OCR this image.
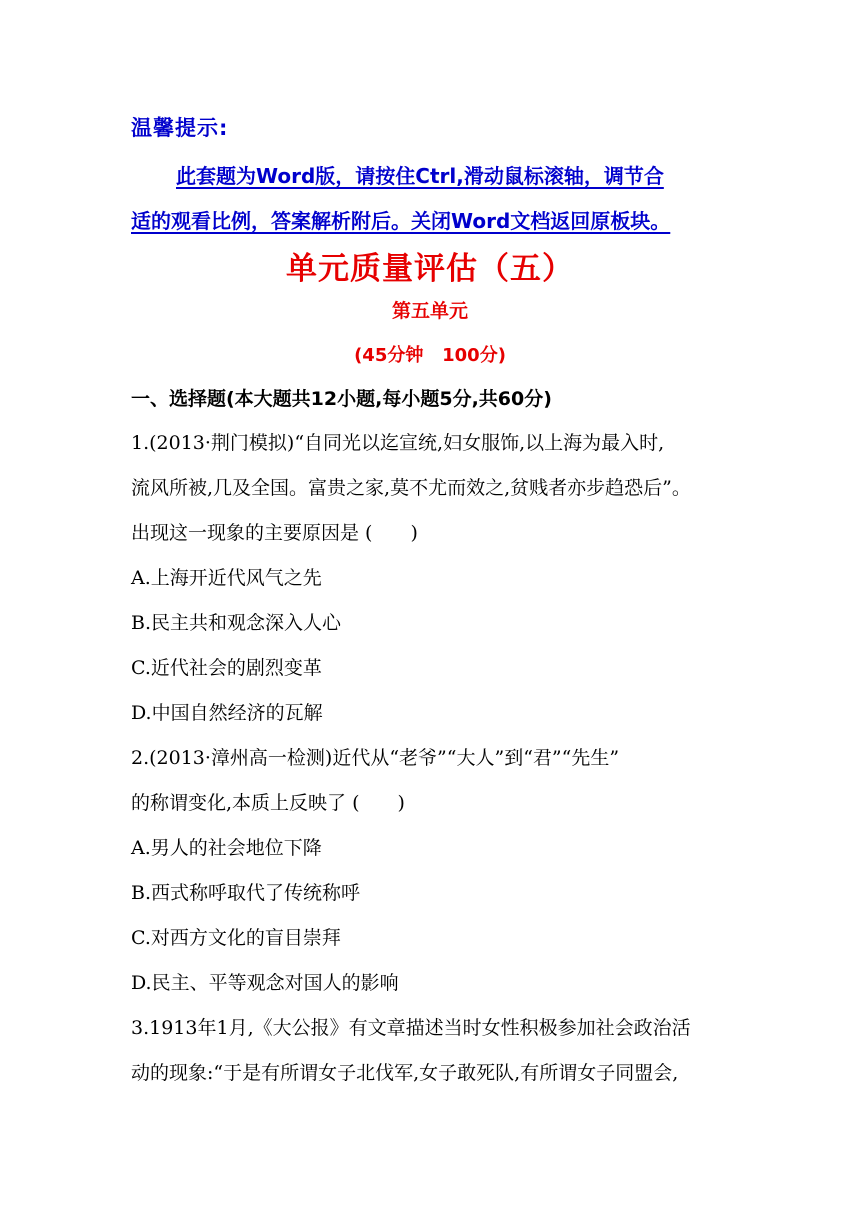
温馨提示:
此套题为Word版，请按住Ctrl,滑动鼠标滚轴，调节合
适的观看比例，答案解析附后。关闭Word文档返回原板块。
单元质量评估（五）
第五单元
(45分钟   100分)
一、选择题(本大题共12小题,每小题5分,共60分)
1.(2013·荆门模拟)“自同光以迄宣统,妇女服饰,以上海为最入时,
流风所被,几及全国。富贵之家,莫不尤而效之,贫贱者亦步趋恐后”。
出现这一现象的主要原因是 (　　)
A.上海开近代风气之先
B.民主共和观念深入人心
C.近代社会的剧烈变革
D.中国自然经济的瓦解
2.(2013·漳州高一检测)近代从“老爷”“大人”到“君”“先生”
的称谓变化,本质上反映了 (　　)
A.男人的社会地位下降
B.西式称呼取代了传统称呼
C.对西方文化的盲目崇拜
D.民主、平等观念对国人的影响
3.1913年1月,《大公报》有文章描述当时女性积极参加社会政治活
动的现象:“于是有所谓女子北伐军,女子敢死队,有所谓女子同盟会,
